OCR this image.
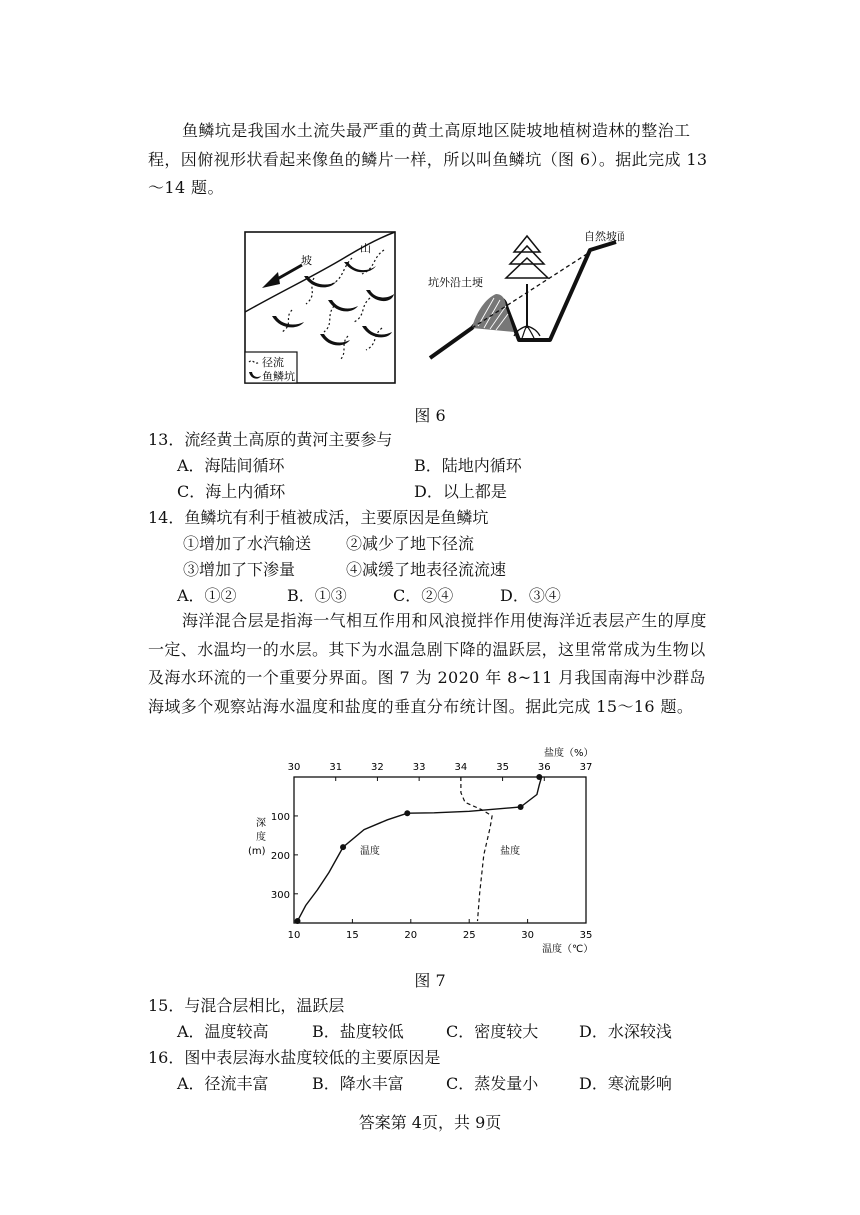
鱼鳞坑是我国水土流失最严重的黄土高原地区陡坡地植树造林的整治工程，因俯视形状看起来像鱼的鳞片一样，所以叫鱼鳞坑（图 6）。据此完成 13～14 题。
坡
山
径流
鱼鳞坑
自然坡面
坑外沿土埂
图 6
13．流经黄土高原的黄河主要参与
A．海陆间循环	B．陆地内循环
C．海上内循环	D．以上都是
14．鱼鳞坑有利于植被成活，主要原因是鱼鳞坑
①增加了水汽输送 ②减少了地下径流
③增加了下渗量	④减缓了地表径流流速
A．①②	B．①③	C．②④	D．③④
海洋混合层是指海一气相互作用和风浪搅拌作用使海洋近表层产生的厚度一定、水温均一的水层。其下为水温急剧下降的温跃层，这里常常成为生物以及海水环流的一个重要分界面。图 7 为 2020 年 8~11 月我国南海中沙群岛海域多个观察站海水温度和盐度的垂直分布统计图。据此完成 15～16 题。
盐度（%）
温度（℃）
深
度
(m)
30	31	32	33	34	35	36	37
10	15	20	25	30	35
100
200
300
温度	盐度
图 7
15．与混合层相比，温跃层
A．温度较高	B．盐度较低	C．密度较大	D．水深较浅
16．图中表层海水盐度较低的主要原因是
A．径流丰富	B．降水丰富	C．蒸发量小	D．寒流影响
答案第 4页，共 9页
